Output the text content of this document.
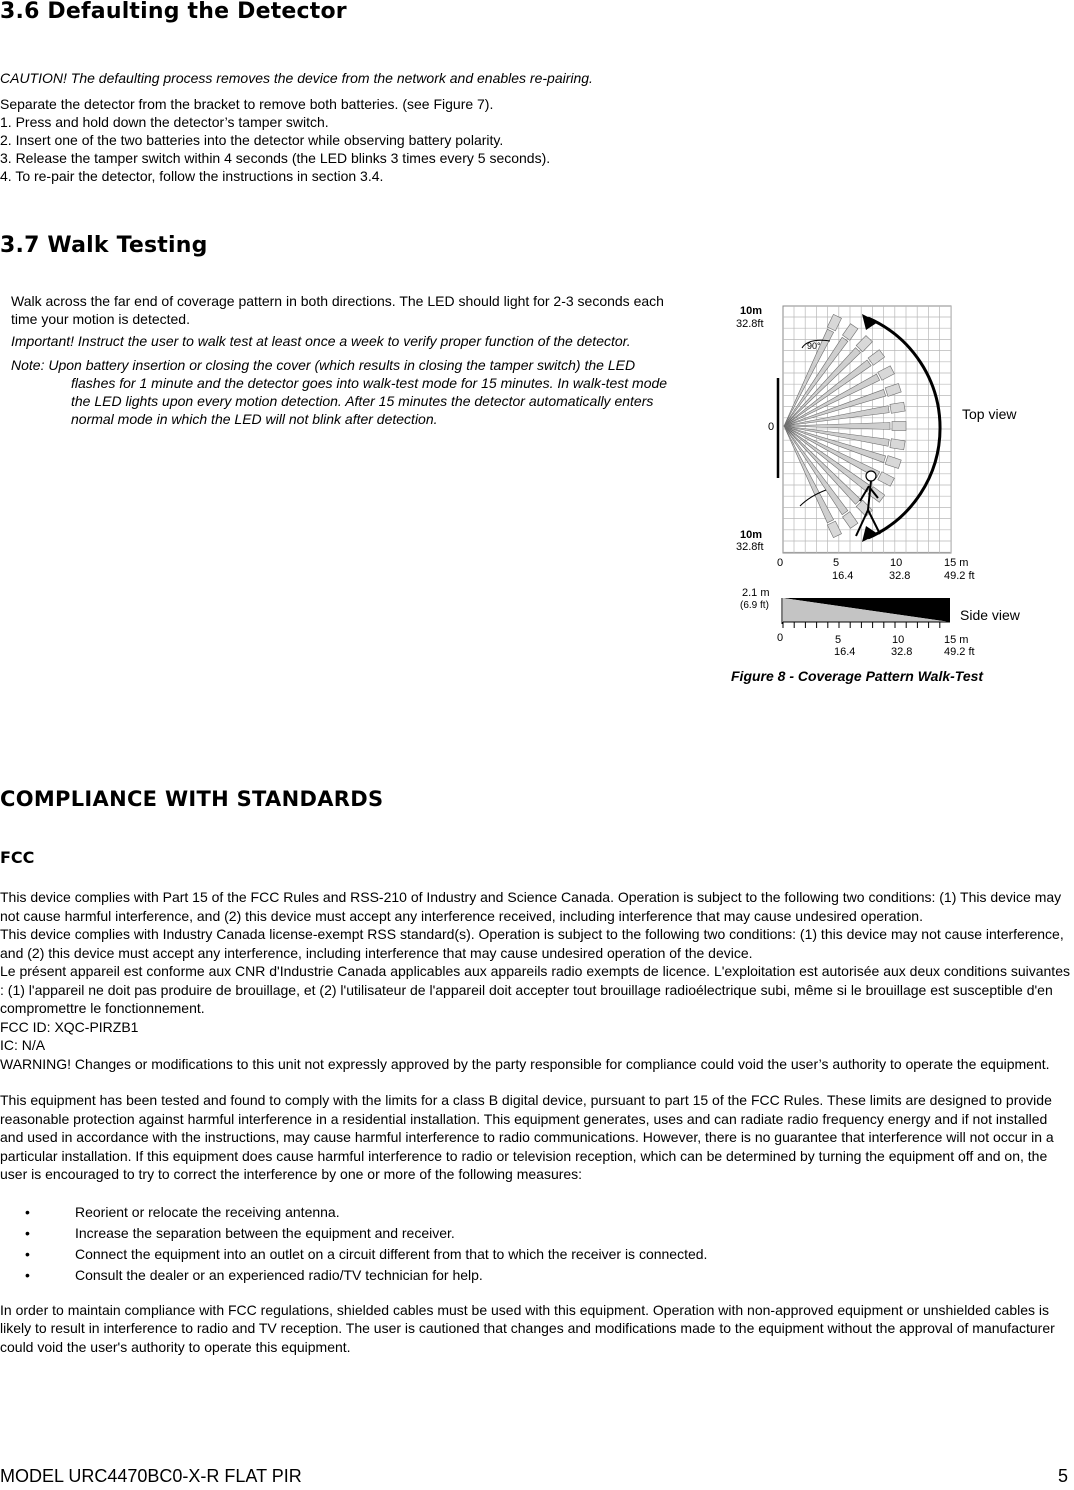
3.6 Defaulting the Detector
CAUTION! The defaulting process removes the device from the network and enables re-pairing.
Separate the detector from the bracket to remove both batteries. (see Figure 7).
1. Press and hold down the detector’s tamper switch.
2. Insert one of the two batteries into the detector while observing battery polarity.
3. Release the tamper switch within 4 seconds (the LED blinks 3 times every 5 seconds).
4. To re-pair the detector, follow the instructions in section 3.4.
3.7 Walk Testing
Walk across the far end of coverage pattern in both directions. The LED should light for 2-3 seconds each time your motion is detected.
Important! Instruct the user to walk test at least once a week to verify proper function of the detector.
Note: Upon battery insertion or closing the cover (which results in closing the tamper switch) the LED flashes for 1 minute and the detector goes into walk-test mode for 15 minutes. In walk-test mode the LED lights upon every motion detection. After 15 minutes the detector automatically enters normal mode in which the LED will not blink after detection.
10m
32.8ft
90°
0
10m
32.8ft
Top view
0	5	10	15 m
16.4	32.8	49.2 ft
2.1 m
(6.9 ft)
Side view
0	5	10	15 m
16.4	32.8	49.2 ft
Figure 8 - Coverage Pattern Walk-Test
COMPLIANCE WITH STANDARDS
FCC
This device complies with Part 15 of the FCC Rules and RSS-210 of Industry and Science Canada. Operation is subject to the following two conditions: (1) This device may not cause harmful interference, and (2) this device must accept any interference received, including interference that may cause undesired operation.
This device complies with Industry Canada license-exempt RSS standard(s). Operation is subject to the following two conditions: (1) this device may not cause interference, and (2) this device must accept any interference, including interference that may cause undesired operation of the device.
Le présent appareil est conforme aux CNR d'Industrie Canada applicables aux appareils radio exempts de licence. L'exploitation est autorisée aux deux conditions suivantes : (1) l'appareil ne doit pas produire de brouillage, et (2) l'utilisateur de l'appareil doit accepter tout brouillage radioélectrique subi, même si le brouillage est susceptible d'en compromettre le fonctionnement.
FCC ID: XQC-PIRZB1
IC: N/A
WARNING! Changes or modifications to this unit not expressly approved by the party responsible for compliance could void the user’s authority to operate the equipment.
This equipment has been tested and found to comply with the limits for a class B digital device, pursuant to part 15 of the FCC Rules. These limits are designed to provide reasonable protection against harmful interference in a residential installation. This equipment generates, uses and can radiate radio frequency energy and if not installed and used in accordance with the instructions, may cause harmful interference to radio communications. However, there is no guarantee that interference will not occur in a particular installation. If this equipment does cause harmful interference to radio or television reception, which can be determined by turning the equipment off and on, the user is encouraged to try to correct the interference by one or more of the following measures:
•	Reorient or relocate the receiving antenna.
•	Increase the separation between the equipment and receiver.
•	Connect the equipment into an outlet on a circuit different from that to which the receiver is connected.
•	Consult the dealer or an experienced radio/TV technician for help.
In order to maintain compliance with FCC regulations, shielded cables must be used with this equipment. Operation with non-approved equipment or unshielded cables is likely to result in interference to radio and TV reception. The user is cautioned that changes and modifications made to the equipment without the approval of manufacturer could void the user's authority to operate this equipment.
MODEL URC4470BC0-X-R FLAT PIR	5
